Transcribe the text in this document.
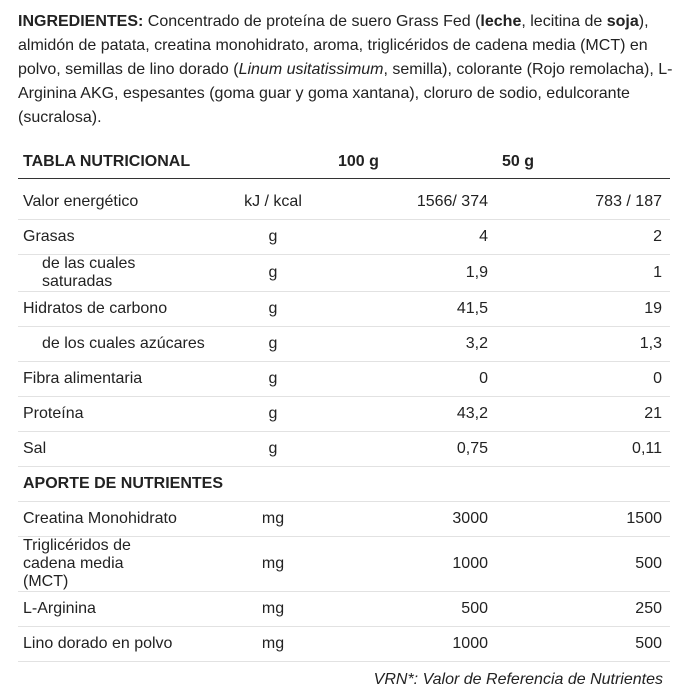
INGREDIENTES: Concentrado de proteína de suero Grass Fed (leche, lecitina de soja), almidón de patata, creatina monohidrato, aroma, triglicéridos de cadena media (MCT) en polvo, semillas de lino dorado (Linum usitatissimum, semilla), colorante (Rojo remolacha), L-Arginina AKG, espesantes (goma guar y goma xantana), cloruro de sodio, edulcorante (sucralosa).
TABLA NUTRICIONAL		100 g	50 g
Valor energético	kJ / kcal	1566/ 374	783 / 187
Grasas	g	4	2
de las cuales saturadas	g	1,9	1
Hidratos de carbono	g	41,5	19
de los cuales azúcares	g	3,2	1,3
Fibra alimentaria	g	0	0
Proteína	g	43,2	21
Sal	g	0,75	0,11
APORTE DE NUTRIENTES			
Creatina Monohidrato	mg	3000	1500
Triglicéridos de cadena media (MCT)	mg	1000	500
L-Arginina	mg	500	250
Lino dorado en polvo	mg	1000	500
VRN*: Valor de Referencia de Nutrientes
